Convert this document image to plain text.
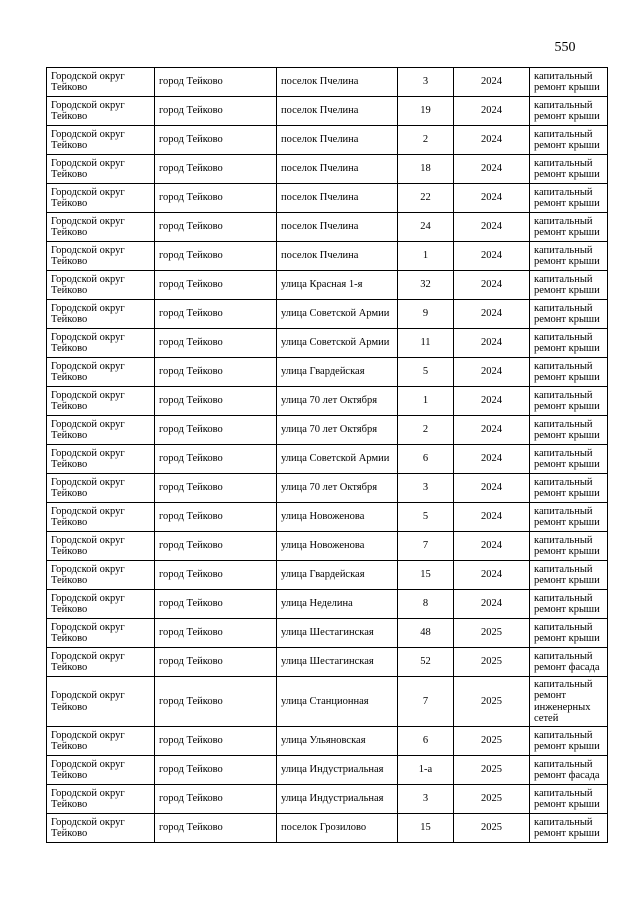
550
Городской округ Тейково	город Тейково	поселок Пчелина	3	2024	капитальный ремонт крыши
Городской округ Тейково	город Тейково	поселок Пчелина	19	2024	капитальный ремонт крыши
Городской округ Тейково	город Тейково	поселок Пчелина	2	2024	капитальный ремонт крыши
Городской округ Тейково	город Тейково	поселок Пчелина	18	2024	капитальный ремонт крыши
Городской округ Тейково	город Тейково	поселок Пчелина	22	2024	капитальный ремонт крыши
Городской округ Тейково	город Тейково	поселок Пчелина	24	2024	капитальный ремонт крыши
Городской округ Тейково	город Тейково	поселок Пчелина	1	2024	капитальный ремонт крыши
Городской округ Тейково	город Тейково	улица Красная 1-я	32	2024	капитальный ремонт крыши
Городской округ Тейково	город Тейково	улица Советской Армии	9	2024	капитальный ремонт крыши
Городской округ Тейково	город Тейково	улица Советской Армии	11	2024	капитальный ремонт крыши
Городской округ Тейково	город Тейково	улица Гвардейская	5	2024	капитальный ремонт крыши
Городской округ Тейково	город Тейково	улица 70 лет Октября	1	2024	капитальный ремонт крыши
Городской округ Тейково	город Тейково	улица 70 лет Октября	2	2024	капитальный ремонт крыши
Городской округ Тейково	город Тейково	улица Советской Армии	6	2024	капитальный ремонт крыши
Городской округ Тейково	город Тейково	улица 70 лет Октября	3	2024	капитальный ремонт крыши
Городской округ Тейково	город Тейково	улица Новоженова	5	2024	капитальный ремонт крыши
Городской округ Тейково	город Тейково	улица Новоженова	7	2024	капитальный ремонт крыши
Городской округ Тейково	город Тейково	улица Гвардейская	15	2024	капитальный ремонт крыши
Городской округ Тейково	город Тейково	улица Неделина	8	2024	капитальный ремонт крыши
Городской округ Тейково	город Тейково	улица Шестагинская	48	2025	капитальный ремонт крыши
Городской округ Тейково	город Тейково	улица Шестагинская	52	2025	капитальный ремонт фасада
Городской округ Тейково	город Тейково	улица Станционная	7	2025	капитальный ремонт инженерных сетей
Городской округ Тейково	город Тейково	улица Ульяновская	6	2025	капитальный ремонт крыши
Городской округ Тейково	город Тейково	улица Индустриальная	1-а	2025	капитальный ремонт фасада
Городской округ Тейково	город Тейково	улица Индустриальная	3	2025	капитальный ремонт крыши
Городской округ Тейково	город Тейково	поселок Грозилово	15	2025	капитальный ремонт крыши
